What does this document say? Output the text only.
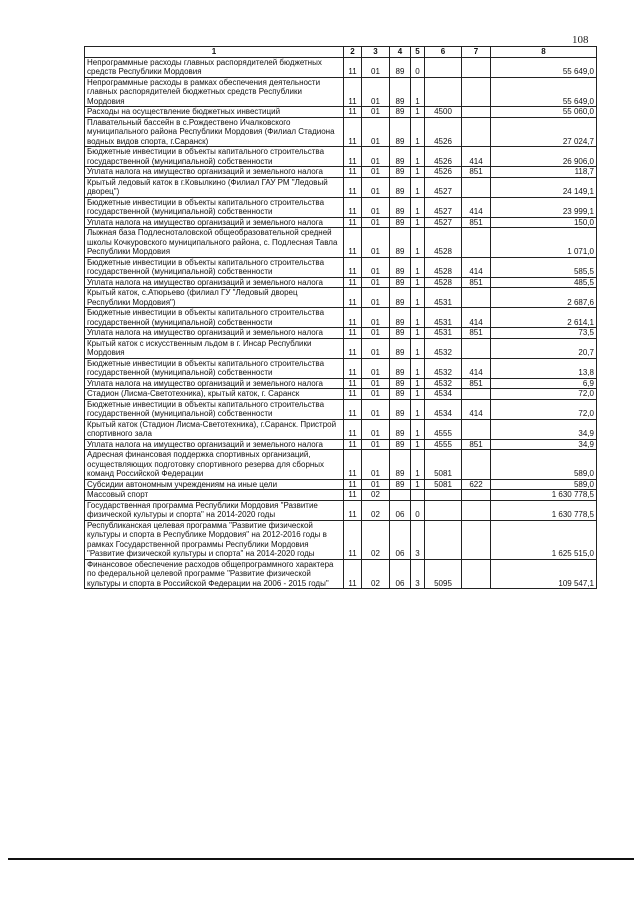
108
1	2	3	4	5	6	7	8
Непрограммные расходы главных распорядителей бюджетных средств Республики Мордовия	11	01	89	0			55 649,0
Непрограммные расходы в рамках обеспечения деятельности главных распорядителей бюджетных средств Республики Мордовия	11	01	89	1			55 649,0
Расходы на осуществление бюджетных инвестиций	11	01	89	1	4500		55 060,0
Плавательный бассейн в с.Рождествено Ичалковского муниципального района Республики Мордовия (Филиал Стадиона водных видов спорта, г.Саранск)	11	01	89	1	4526		27 024,7
Бюджетные инвестиции в объекты капитального строительства государственной (муниципальной) собственности	11	01	89	1	4526	414	26 906,0
Уплата налога на имущество организаций и земельного налога	11	01	89	1	4526	851	118,7
Крытый ледовый каток в г.Ковылкино (Филиал ГАУ РМ "Ледовый дворец")	11	01	89	1	4527		24 149,1
Бюджетные инвестиции в объекты капитального строительства государственной (муниципальной) собственности	11	01	89	1	4527	414	23 999,1
Уплата налога на имущество организаций и земельного налога	11	01	89	1	4527	851	150,0
Лыжная база Подлесноталовской общеобразовательной средней школы Кочкуровского муниципального района, с. Подлесная Тавла Республики Мордовия	11	01	89	1	4528		1 071,0
Бюджетные инвестиции в объекты капитального строительства государственной (муниципальной) собственности	11	01	89	1	4528	414	585,5
Уплата налога на имущество организаций и земельного налога	11	01	89	1	4528	851	485,5
Крытый каток, с.Атюрьево (филиал ГУ "Ледовый дворец Республики Мордовия")	11	01	89	1	4531		2 687,6
Бюджетные инвестиции в объекты капитального строительства государственной (муниципальной) собственности	11	01	89	1	4531	414	2 614,1
Уплата налога на имущество организаций и земельного налога	11	01	89	1	4531	851	73,5
Крытый каток с искусственным льдом в г. Инсар Республики Мордовия	11	01	89	1	4532		20,7
Бюджетные инвестиции в объекты капитального строительства государственной (муниципальной) собственности	11	01	89	1	4532	414	13,8
Уплата налога на имущество организаций и земельного налога	11	01	89	1	4532	851	6,9
Стадион (Лисма-Светотехника), крытый каток, г. Саранск	11	01	89	1	4534		72,0
Бюджетные инвестиции в объекты капитального строительства государственной (муниципальной) собственности	11	01	89	1	4534	414	72,0
Крытый каток (Стадион Лисма-Светотехника), г.Саранск. Пристрой спортивного зала	11	01	89	1	4555		34,9
Уплата налога на имущество организаций и земельного налога	11	01	89	1	4555	851	34,9
Адресная финансовая поддержка спортивных организаций, осуществляющих подготовку спортивного резерва для сборных команд Российской Федерации	11	01	89	1	5081		589,0
Субсидии автономным учреждениям на иные цели	11	01	89	1	5081	622	589,0
Массовый спорт	11	02					1 630 778,5
Государственная программа Республики Мордовия "Развитие физической культуры и спорта" на 2014-2020 годы	11	02	06	0			1 630 778,5
Республиканская целевая программа "Развитие физической культуры и спорта в Республике Мордовия" на 2012-2016 годы в рамках Государственной программы Республики Мордовия "Развитие физической культуры и спорта" на 2014-2020 годы	11	02	06	3			1 625 515,0
Финансовое обеспечение расходов общепрограммного характера по федеральной целевой программе "Развитие физической культуры и спорта в Российской Федерации на 2006 - 2015 годы"	11	02	06	3	5095		109 547,1
